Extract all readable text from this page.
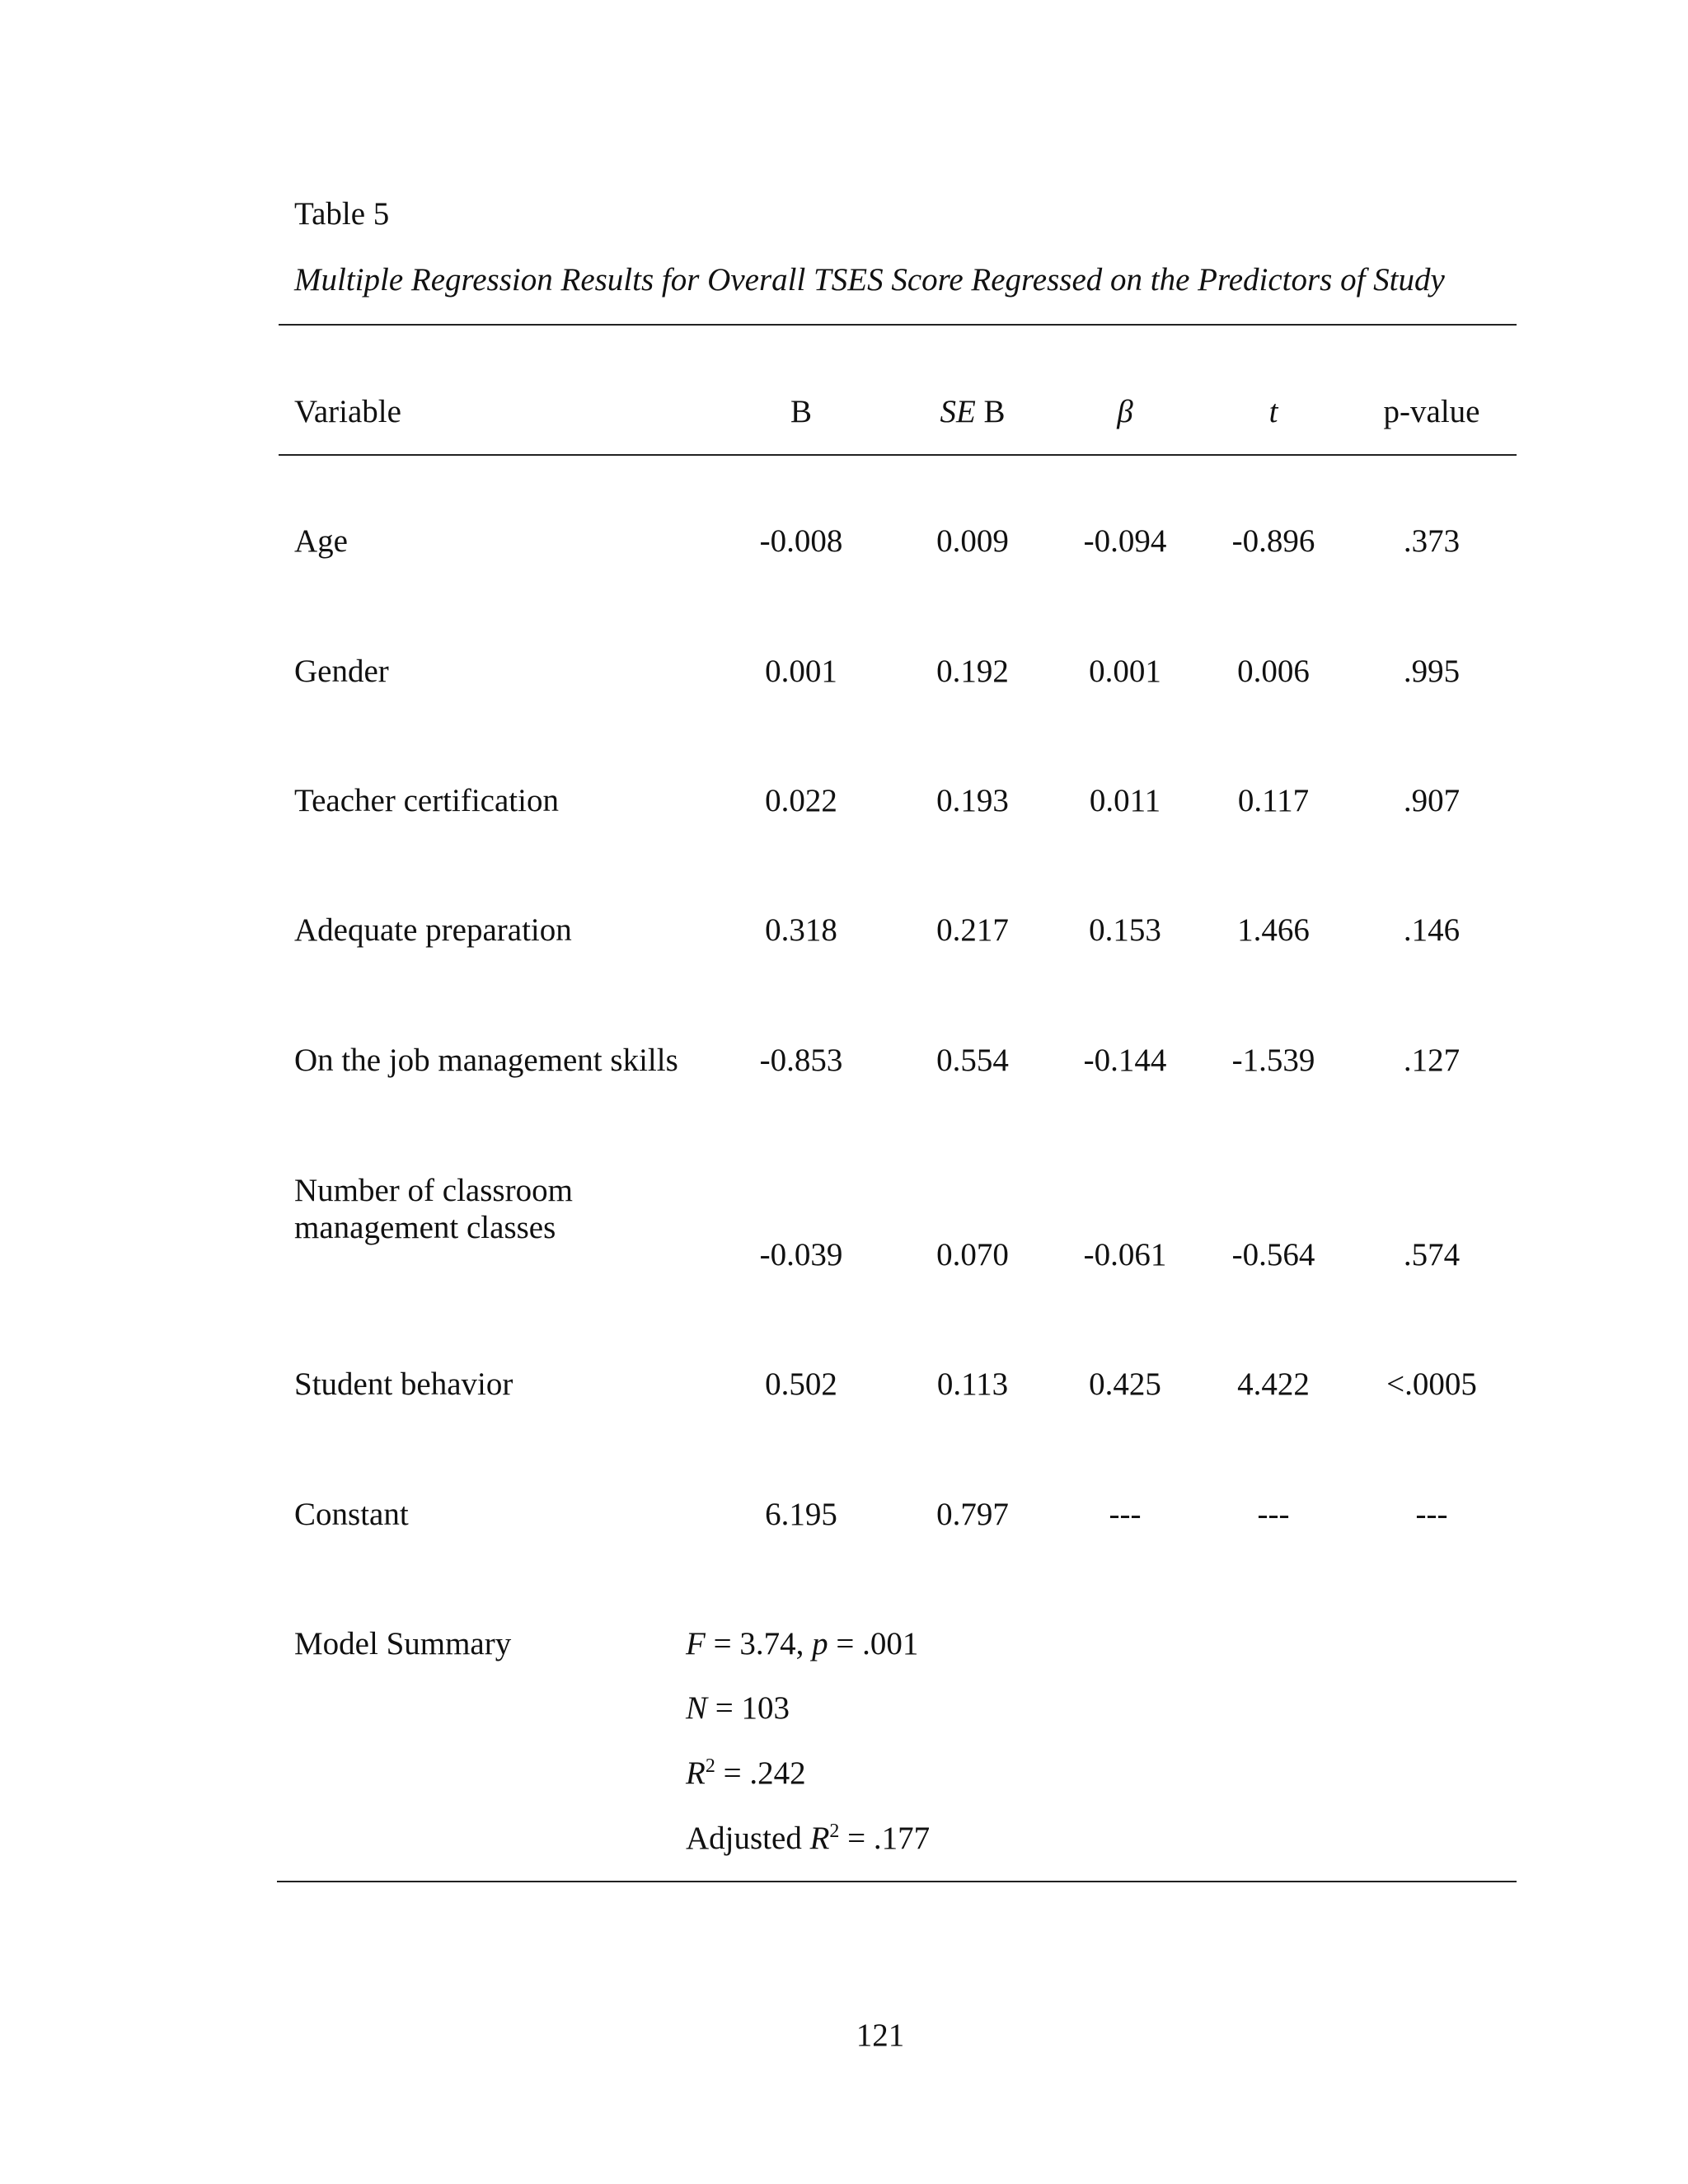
Table 5
Multiple Regression Results for Overall TSES Score Regressed on the Predictors of Study
Variable	B	SE B	β	t	p-value
Age	-0.008	0.009	-0.094	-0.896	.373
Gender	0.001	0.192	0.001	0.006	.995
Teacher certification	0.022	0.193	0.011	0.117	.907
Adequate preparation	0.318	0.217	0.153	1.466	.146
On the job management skills	-0.853	0.554	-0.144	-1.539	.127
Number of classroom
management classes
-0.039	0.070	-0.061	-0.564	.574
Student behavior	0.502	0.113	0.425	4.422	<.0005
Constant	6.195	0.797	---	---	---
Model Summary	F = 3.74, p = .001
N = 103
$R^2 = .242$
Adjusted $R^2 = .177$
121
